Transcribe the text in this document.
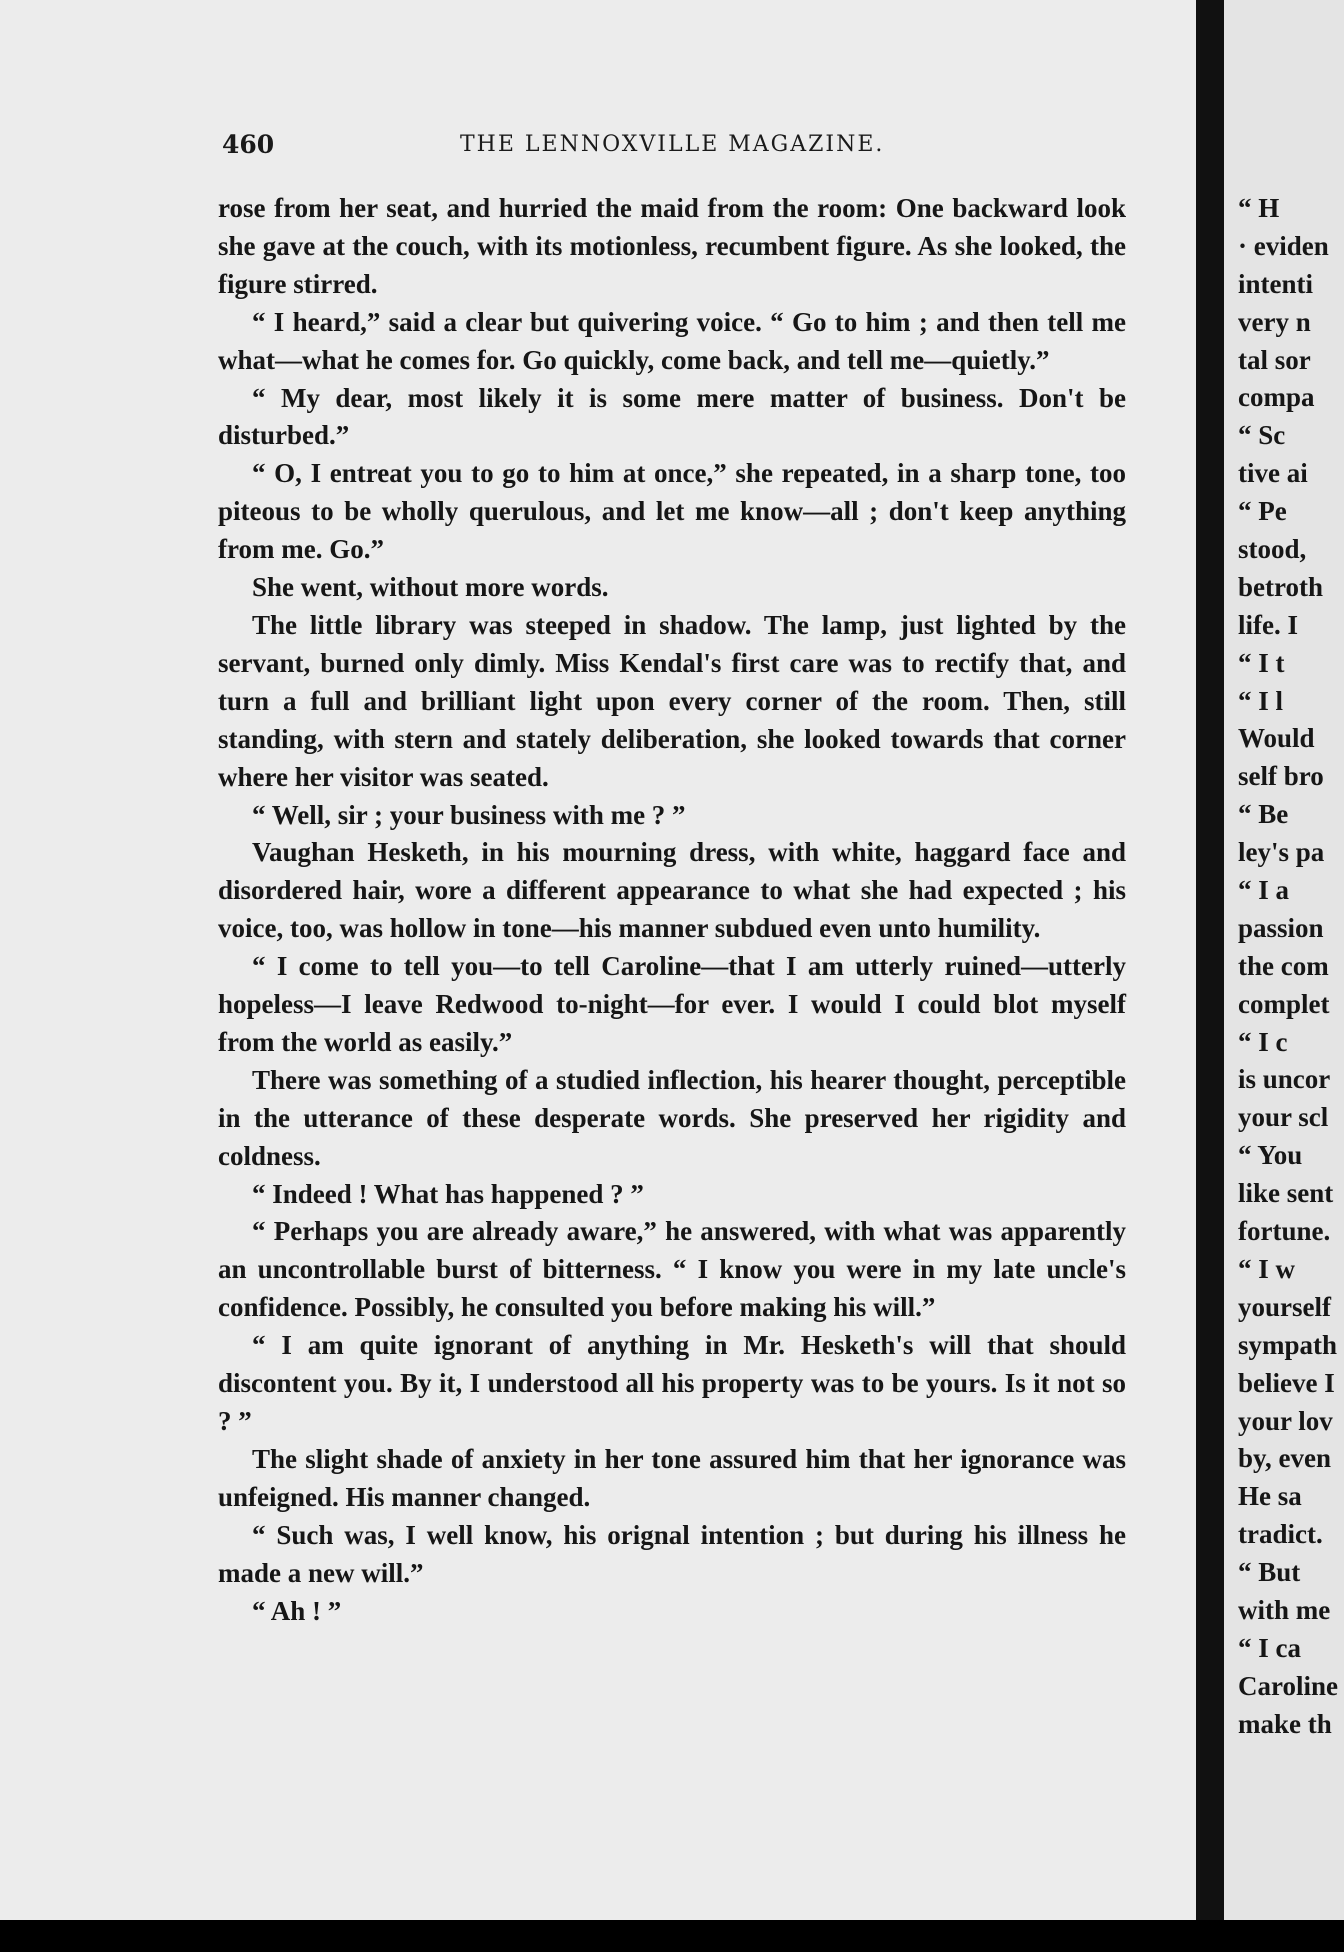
460	THE LENNOXVILLE MAGAZINE.

rose from her seat, and hurried the maid from the room: One backward look she gave at the couch, with its motionless, recumbent figure. As she looked, the figure stirred.

“ I heard,” said a clear but quivering voice. “ Go to him ; and then tell me what—what he comes for. Go quickly, come back, and tell me—quietly.”

“ My dear, most likely it is some mere matter of business. Don't be disturbed.”

“ O, I entreat you to go to him at once,” she repeated, in a sharp tone, too piteous to be wholly querulous, and let me know—all ; don't keep anything from me. Go.”

She went, without more words.

The little library was steeped in shadow. The lamp, just lighted by the servant, burned only dimly. Miss Kendal's first care was to rectify that, and turn a full and brilliant light upon every corner of the room. Then, still standing, with stern and stately deliberation, she looked towards that corner where her visitor was seated.

“ Well, sir ; your business with me ? ”

Vaughan Hesketh, in his mourning dress, with white, haggard face and disordered hair, wore a different appearance to what she had expected ; his voice, too, was hollow in tone—his manner subdued even unto humility.

“ I come to tell you—to tell Caroline—that I am utterly ruined—utterly hopeless—I leave Redwood to-night—for ever. I would I could blot myself from the world as easily.”

There was something of a studied inflection, his hearer thought, perceptible in the utterance of these desperate words. She preserved her rigidity and coldness.

“ Indeed ! What has happened ? ”

“ Perhaps you are already aware,” he answered, with what was apparently an uncontrollable burst of bitterness. “ I know you were in my late uncle's confidence. Possibly, he consulted you before making his will.”

“ I am quite ignorant of anything in Mr. Hesketh's will that should discontent you. By it, I understood all his property was to be yours. Is it not so ? ”

The slight shade of anxiety in her tone assured him that her ignorance was unfeigned. His manner changed.

“ Such was, I well know, his orignal intention ; but during his illness he made a new will.”

“ Ah ! ”

“ H
· eviden
intenti
very n
tal sor
compa
“ Sc
tive ai
“ Pe
stood,
betroth
life. I
“ I t
“ I l
Would
self bro
“ Be
ley's pa
“ I a
passion
the com
complet
“ I c
is uncor
your scl
“ You
like sent
fortune.
“ I w
yourself
sympath
believe I
your lov
by, even
He sa
tradict.
“ But
with me
“ I ca
Caroline
make th
